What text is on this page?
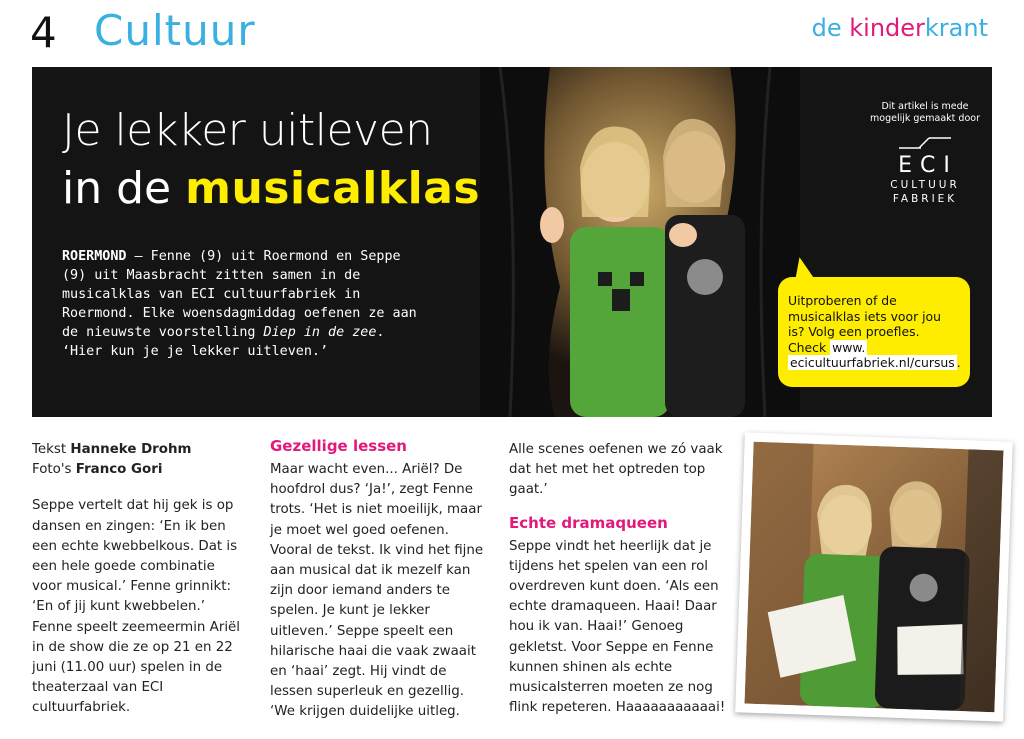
4 Cultuur	de kinderkrant
Je lekker uitleven
in de musicalklas
ROERMOND – Fenne (9) uit Roermond en Seppe (9) uit Maasbracht zitten samen in de musicalklas van ECI cultuurfabriek in Roermond. Elke woensdagmiddag oefenen ze aan de nieuwste voorstelling Diep in de zee. ‘Hier kun je je lekker uitleven.’
Dit artikel is mede mogelijk gemaakt door
ECI
CULTUUR
FABRIEK
Uitproberen of de musicalklas iets voor jou is? Volg een proefles. Check www. ecicultuurfabriek.nl/cursus .
Tekst Hanneke Drohm
Foto's Franco Gori

Seppe vertelt dat hij gek is op dansen en zingen: ‘En ik ben een echte kwebbelkous. Dat is een hele goede combinatie voor musical.’ Fenne grinnikt: ‘En of jij kunt kwebbelen.’ Fenne speelt zeemeermin Ariël in de show die ze op 21 en 22 juni (11.00 uur) spelen in de theaterzaal van ECI cultuurfabriek.

Gezellige lessen

Maar wacht even... Ariël? De hoofdrol dus? ‘Ja!’, zegt Fenne trots. ‘Het is niet moeilijk, maar je moet wel goed oefenen. Vooral de tekst. Ik vind het fijne aan musical dat ik mezelf kan zijn door iemand anders te spelen. Je kunt je lekker uitleven.’ Seppe speelt een hilarische haai die vaak zwaait en ‘haai’ zegt. Hij vindt de lessen superleuk en gezellig. ‘We krijgen duidelijke uitleg.

Alle scenes oefenen we zó vaak dat het met het optreden top gaat.’

Echte dramaqueen

Seppe vindt het heerlijk dat je tijdens het spelen van een rol overdreven kunt doen. ‘Als een echte dramaqueen. Haai! Daar hou ik van. Haai!’ Genoeg gekletst. Voor Seppe en Fenne kunnen shinen als echte musicalsterren moeten ze nog flink repeteren. Haaaaaaaaaaai!
